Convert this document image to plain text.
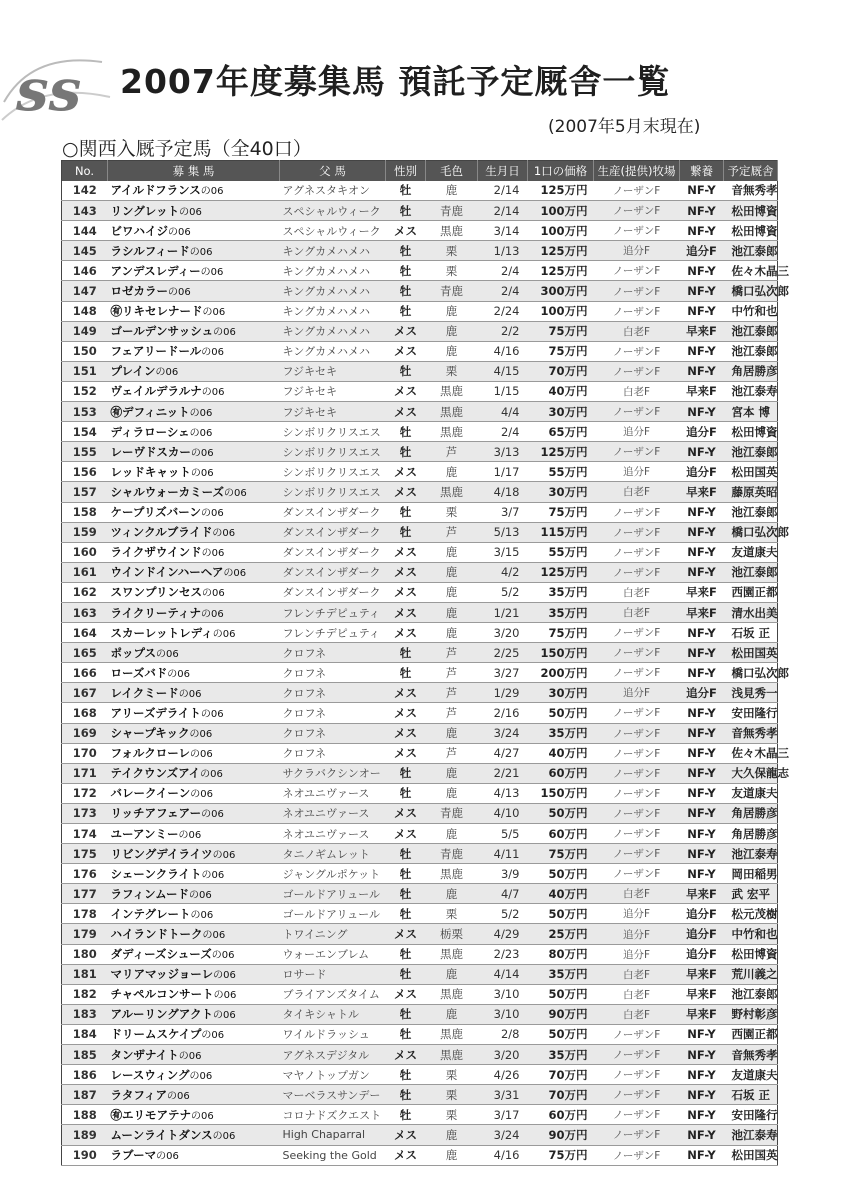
ss 2007年度募集馬 預託予定厩舎一覧
(2007年5月末現在)
○関西入厩予定馬（全40口）
No.	募 集 馬	父 馬	性別	毛色	生月日	1口の価格	生産(提供)牧場	繋養	予定厩舎
142	アイルドフランスの06	アグネスタキオン	牡	鹿	2/14	125万円	ノーザンF	NF-Y	音無秀孝
143	リングレットの06	スペシャルウィーク	牡	青鹿	2/14	100万円	ノーザンF	NF-Y	松田博資
144	ビワハイジの06	スペシャルウィーク	メス	黒鹿	3/14	100万円	ノーザンF	NF-Y	松田博資
145	ラシルフィードの06	キングカメハメハ	牡	栗	1/13	125万円	追分F	追分F	池江泰郎
146	アンデスレディーの06	キングカメハメハ	牡	栗	2/4	125万円	ノーザンF	NF-Y	佐々木晶三
147	ロゼカラーの06	キングカメハメハ	牡	青鹿	2/4	300万円	ノーザンF	NF-Y	橋口弘次郎
148	㊒リキセレナードの06	キングカメハメハ	牡	鹿	2/24	100万円	ノーザンF	NF-Y	中竹和也
149	ゴールデンサッシュの06	キングカメハメハ	メス	鹿	2/2	75万円	白老F	早来F	池江泰郎
150	フェアリードールの06	キングカメハメハ	メス	鹿	4/16	75万円	ノーザンF	NF-Y	池江泰郎
151	プレインの06	フジキセキ	牡	栗	4/15	70万円	ノーザンF	NF-Y	角居勝彦
152	ヴェイルデラルナの06	フジキセキ	メス	黒鹿	1/15	40万円	白老F	早来F	池江泰寿
153	㊒デフィニットの06	フジキセキ	メス	黒鹿	4/4	30万円	ノーザンF	NF-Y	宮本 博
154	ディラローシェの06	シンボリクリスエス	牡	黒鹿	2/4	65万円	追分F	追分F	松田博資
155	レーヴドスカーの06	シンボリクリスエス	牡	芦	3/13	125万円	ノーザンF	NF-Y	池江泰郎
156	レッドキャットの06	シンボリクリスエス	メス	鹿	1/17	55万円	追分F	追分F	松田国英
157	シャルウォーカミーズの06	シンボリクリスエス	メス	黒鹿	4/18	30万円	白老F	早来F	藤原英昭
158	ケープリズバーンの06	ダンスインザダーク	牡	栗	3/7	75万円	ノーザンF	NF-Y	池江泰郎
159	ツィンクルブライドの06	ダンスインザダーク	牡	芦	5/13	115万円	ノーザンF	NF-Y	橋口弘次郎
160	ライクザウインドの06	ダンスインザダーク	メス	鹿	3/15	55万円	ノーザンF	NF-Y	友道康夫
161	ウインドインハーヘアの06	ダンスインザダーク	メス	鹿	4/2	125万円	ノーザンF	NF-Y	池江泰郎
162	スワンプリンセスの06	ダンスインザダーク	メス	鹿	5/2	35万円	白老F	早来F	西園正都
163	ライクリーティナの06	フレンチデピュティ	メス	鹿	1/21	35万円	白老F	早来F	清水出美
164	スカーレットレディの06	フレンチデピュティ	メス	鹿	3/20	75万円	ノーザンF	NF-Y	石坂 正
165	ポップスの06	クロフネ	牡	芦	2/25	150万円	ノーザンF	NF-Y	松田国英
166	ローズバドの06	クロフネ	牡	芦	3/27	200万円	ノーザンF	NF-Y	橋口弘次郎
167	レイクミードの06	クロフネ	メス	芦	1/29	30万円	追分F	追分F	浅見秀一
168	アリーズデライトの06	クロフネ	メス	芦	2/16	50万円	ノーザンF	NF-Y	安田隆行
169	シャープキックの06	クロフネ	メス	鹿	3/24	35万円	ノーザンF	NF-Y	音無秀孝
170	フォルクローレの06	クロフネ	メス	芦	4/27	40万円	ノーザンF	NF-Y	佐々木晶三
171	テイクウンズアイの06	サクラバクシンオー	牡	鹿	2/21	60万円	ノーザンF	NF-Y	大久保龍志
172	バレークイーンの06	ネオユニヴァース	牡	鹿	4/13	150万円	ノーザンF	NF-Y	友道康夫
173	リッチアフェアーの06	ネオユニヴァース	メス	青鹿	4/10	50万円	ノーザンF	NF-Y	角居勝彦
174	ユーアンミーの06	ネオユニヴァース	メス	鹿	5/5	60万円	ノーザンF	NF-Y	角居勝彦
175	リビングデイライツの06	タニノギムレット	牡	青鹿	4/11	75万円	ノーザンF	NF-Y	池江泰寿
176	シェーンクライトの06	ジャングルポケット	牡	黒鹿	3/9	50万円	ノーザンF	NF-Y	岡田稲男
177	ラフィンムードの06	ゴールドアリュール	牡	鹿	4/7	40万円	白老F	早来F	武 宏平
178	インテグレートの06	ゴールドアリュール	牡	栗	5/2	50万円	追分F	追分F	松元茂樹
179	ハイランドトークの06	トワイニング	メス	栃栗	4/29	25万円	追分F	追分F	中竹和也
180	ダディーズシューズの06	ウォーエンブレム	牡	黒鹿	2/23	80万円	追分F	追分F	松田博資
181	マリアマッジョーレの06	ロサード	牡	鹿	4/14	35万円	白老F	早来F	荒川義之
182	チャペルコンサートの06	ブライアンズタイム	メス	黒鹿	3/10	50万円	白老F	早来F	池江泰郎
183	アルーリングアクトの06	タイキシャトル	牡	鹿	3/10	90万円	白老F	早来F	野村彰彦
184	ドリームスケイプの06	ワイルドラッシュ	牡	黒鹿	2/8	50万円	ノーザンF	NF-Y	西園正都
185	タンザナイトの06	アグネスデジタル	メス	黒鹿	3/20	35万円	ノーザンF	NF-Y	音無秀孝
186	レースウィングの06	マヤノトップガン	牡	栗	4/26	70万円	ノーザンF	NF-Y	友道康夫
187	ラタフィアの06	マーベラスサンデー	牡	栗	3/31	70万円	ノーザンF	NF-Y	石坂 正
188	㊒エリモアテナの06	コロナドズクエスト	牡	栗	3/17	60万円	ノーザンF	NF-Y	安田隆行
189	ムーンライトダンスの06	High Chaparral	メス	鹿	3/24	90万円	ノーザンF	NF-Y	池江泰寿
190	ラブーマの06	Seeking the Gold	メス	鹿	4/16	75万円	ノーザンF	NF-Y	松田国英
